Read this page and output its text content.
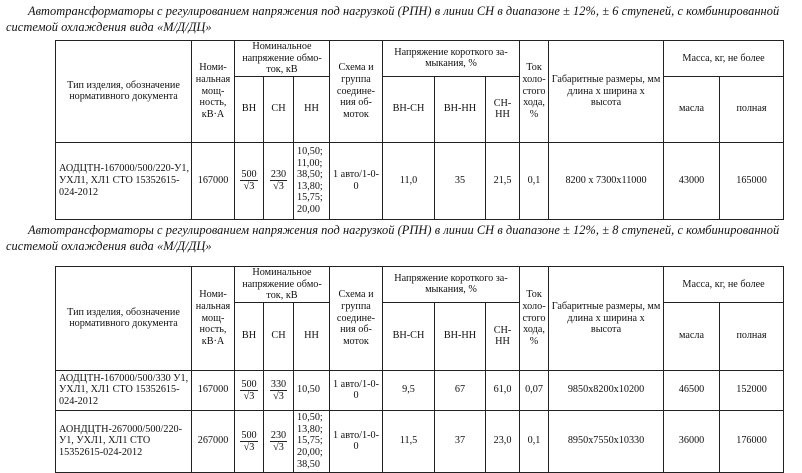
Автотрансформаторы с регулированием напряжения под нагрузкой (РПН) в линии СН в диапазоне ± 12%, ± 6 ступеней, с комбинированной системой охлаждения вида «М/Д/ДЦ»
Тип изделия, обозначение нормативного документа	Номи-нальная мощ-ность, кВ·А	Номинальное напряжение обмо-ток, кВ			Схема и группа соедине-ния об-моток	Напряжение короткого за-мыкания, %			Ток холо-стого хода, %	Габаритные размеры, мм длина х ширина х высота	Масса, кг, не более	
		ВН	СН	НН		ВН-СН	ВН-НН	СН-НН			масла	полная
АОДЦТН-167000/500/220-У1, УХЛ1, ХЛ1 СТО 15352615-024-2012	167000	$\frac{500}{√3}$	$\frac{230}{√3}$	10,50; 11,00; 38,50; 13,80; 15,75; 20,00	1 авто/1-0-0	11,0	35	21,5	0,1	8200 х 7300х11000	43000	165000
Автотрансформаторы с регулированием напряжения под нагрузкой (РПН) в линии СН в диапазоне ± 12%, ± 8 ступеней, с комбинированной системой охлаждения вида «М/Д/ДЦ»
Тип изделия, обозначение нормативного документа	Номи-нальная мощ-ность, кВ·А	Номинальное напряжение обмо-ток, кВ			Схема и группа соедине-ния об-моток	Напряжение короткого за-мыкания, %			Ток холо-стого хода, %	Габаритные размеры, мм длина х ширина х высота	Масса, кг, не более	
		ВН	СН	НН		ВН-СН	ВН-НН	СН-НН			масла	полная
АОДЦТН-167000/500/330 У1, УХЛ1, ХЛ1 СТО 15352615-024-2012	167000	$\frac{500}{√3}$	$\frac{330}{√3}$	10,50	1 авто/1-0-0	9,5	67	61,0	0,07	9850х8200х10200	46500	152000
АОНДЦТН-267000/500/220-У1, УХЛ1, ХЛ1 СТО 15352615-024-2012	267000	$\frac{500}{√3}$	$\frac{230}{√3}$	10,50; 13,80; 15,75; 20,00; 38,50	1 авто/1-0-0	11,5	37	23,0	0,1	8950х7550х10330	36000	176000
